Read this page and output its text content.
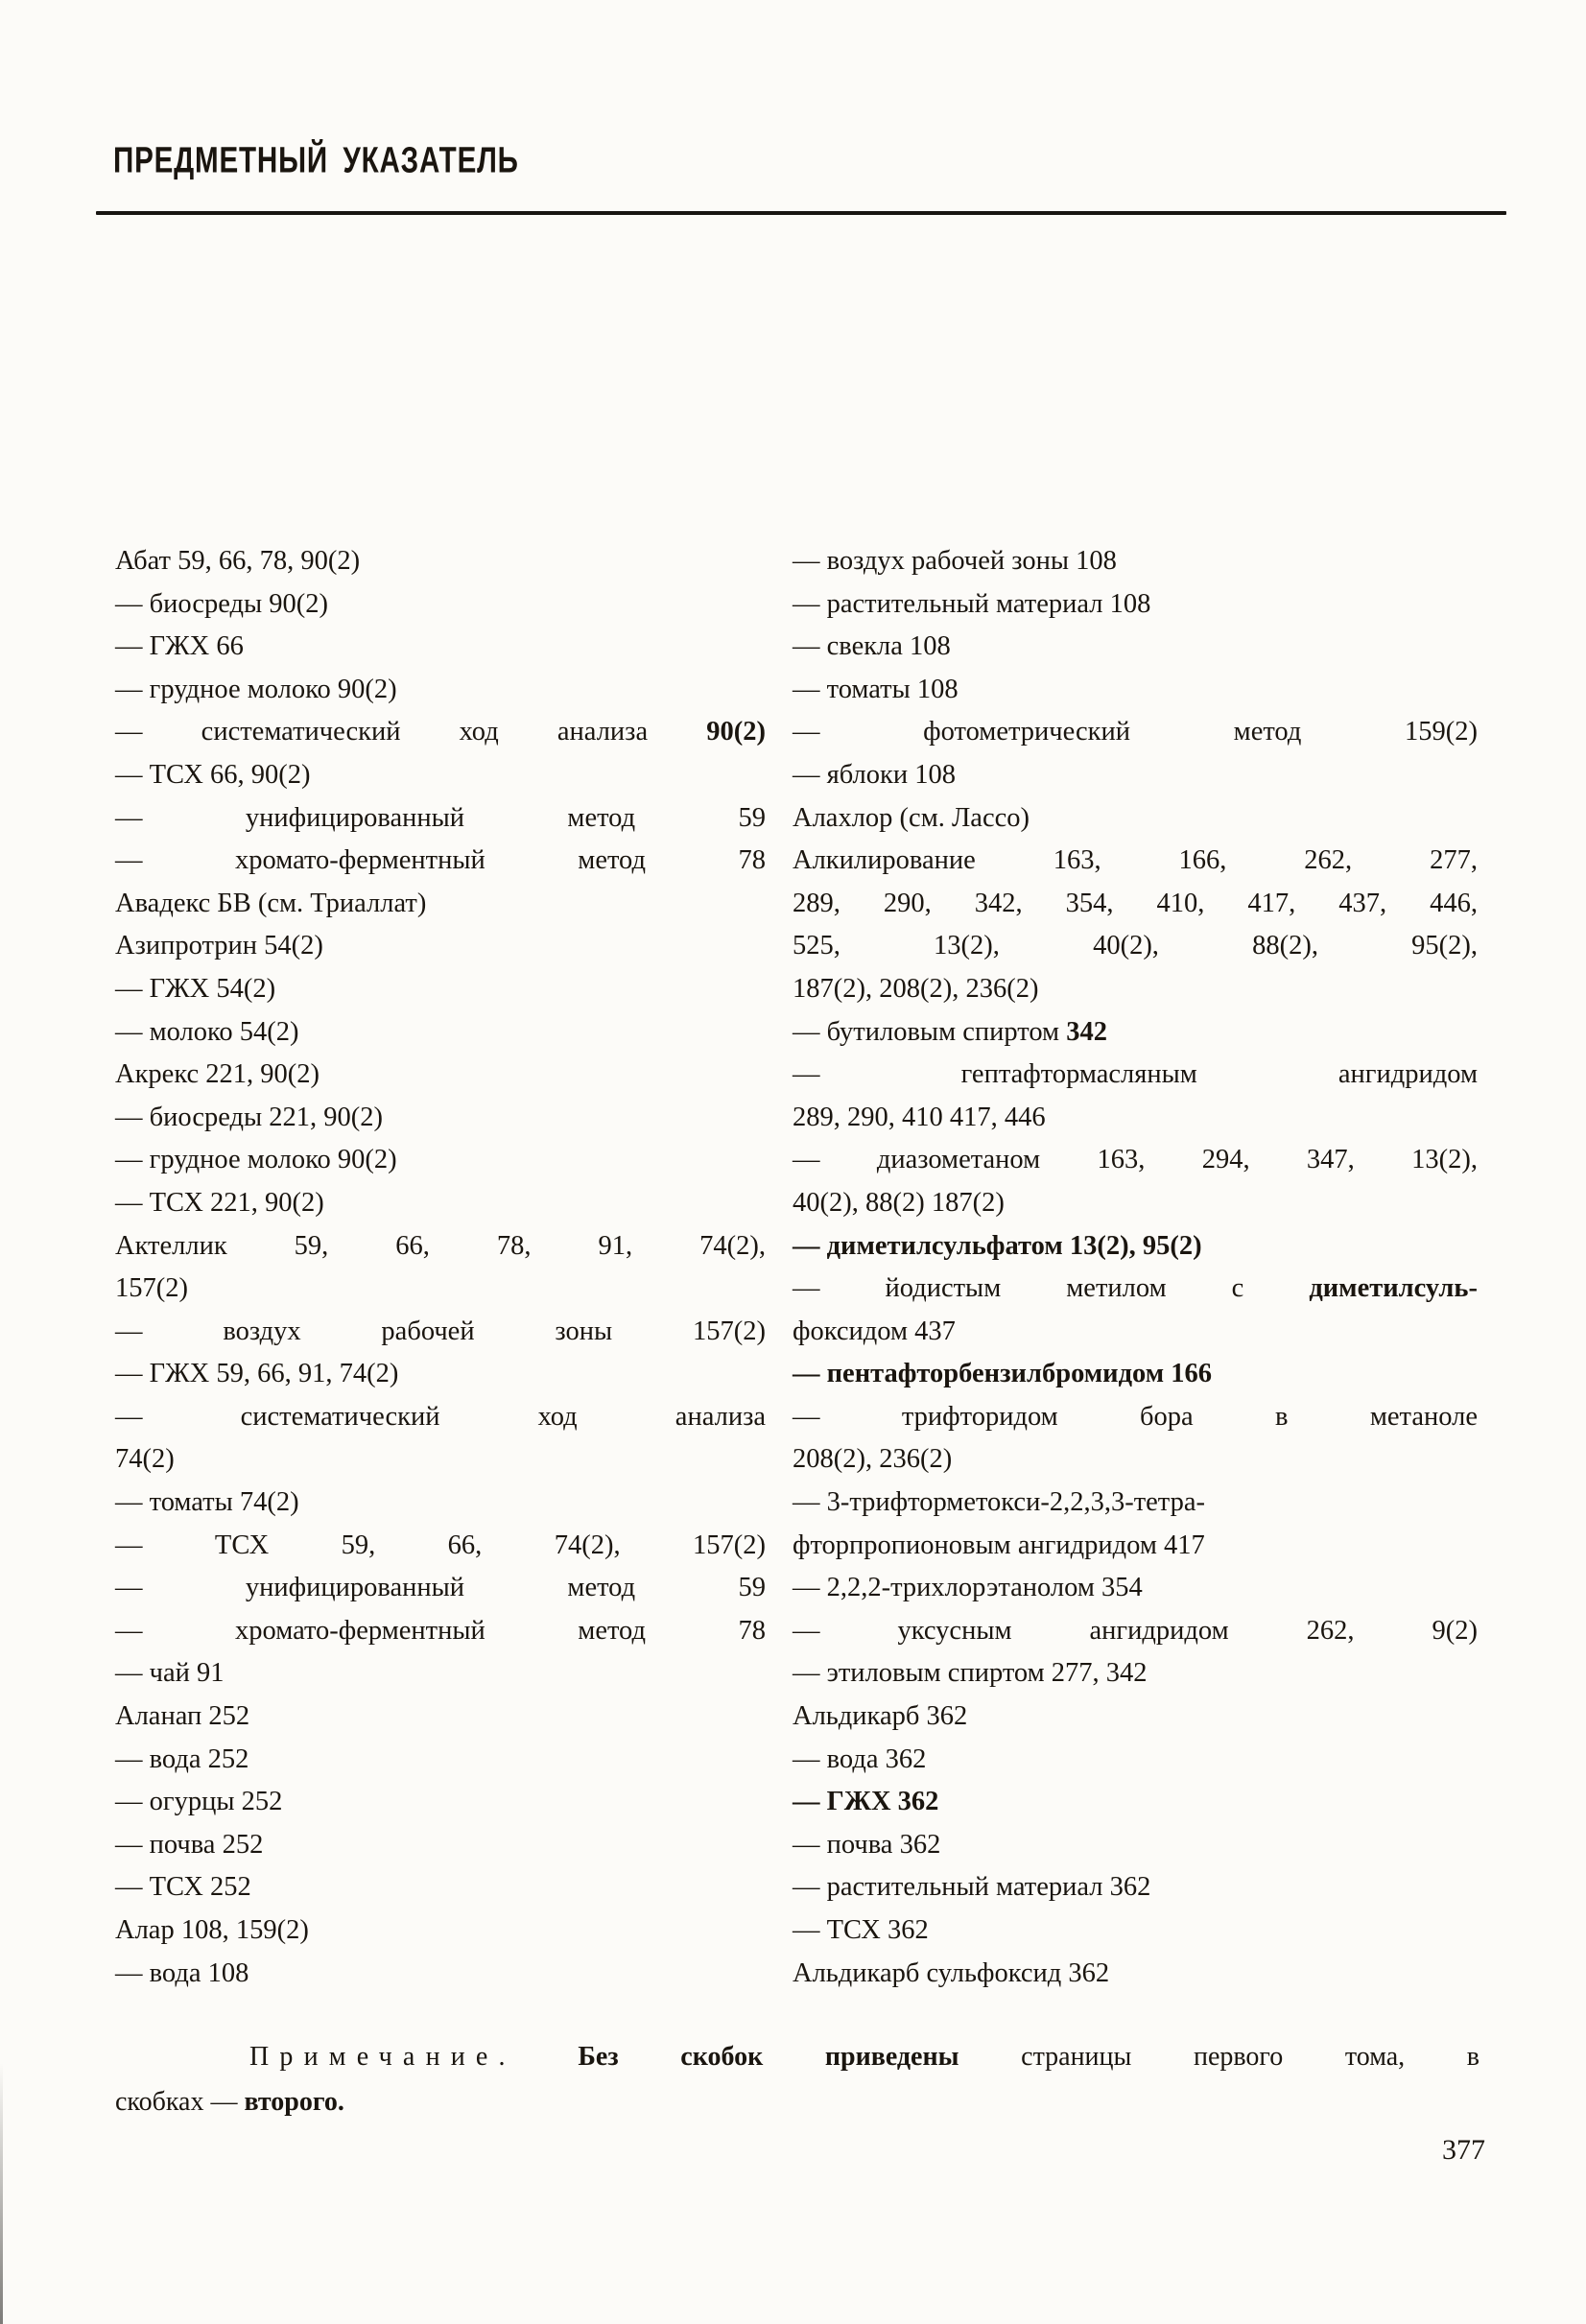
ПРЕДМЕТНЫЙ УКАЗАТЕЛЬ
Абат 59, 66, 78, 90(2)
— биосреды 90(2)
— ГЖХ 66
— грудное молоко 90(2)
— систематический ход анализа 90(2)
— ТСХ 66, 90(2)
— унифицированный метод 59
— хромато-ферментный метод 78
Авадекс БВ (см. Триаллат)
Азипротрин 54(2)
— ГЖХ 54(2)
— молоко 54(2)
Акрекс 221, 90(2)
— биосреды 221, 90(2)
— грудное молоко 90(2)
— ТСХ 221, 90(2)
Актеллик 59, 66, 78, 91, 74(2),
157(2)
— воздух рабочей зоны 157(2)
— ГЖХ 59, 66, 91, 74(2)
— систематический ход анализа
74(2)
— томаты 74(2)
— ТСХ 59, 66, 74(2), 157(2)
— унифицированный метод 59
— хромато-ферментный метод 78
— чай 91
Аланап 252
— вода 252
— огурцы 252
— почва 252
— ТСХ 252
Алар 108, 159(2)
— вода 108
— воздух рабочей зоны 108
— растительный материал 108
— свекла 108
— томаты 108
— фотометрический метод 159(2)
— яблоки 108
Алахлор (см. Лассо)
Алкилирование 163, 166, 262, 277,
289, 290, 342, 354, 410, 417, 437, 446,
525, 13(2), 40(2), 88(2), 95(2),
187(2), 208(2), 236(2)
— бутиловым спиртом 342
— гептафтормасляным ангидридом
289, 290, 410 417, 446
— диазометаном 163, 294, 347, 13(2),
40(2), 88(2) 187(2)
— диметилсульфатом 13(2), 95(2)
— йодистым метилом с диметилсуль-
фоксидом 437
— пентафторбензилбромидом 166
— трифторидом бора в метаноле
208(2), 236(2)
— 3-трифторметокси-2,2,3,3-тетра-
фторпропионовым ангидридом 417
— 2,2,2-трихлорэтанолом 354
— уксусным ангидридом 262, 9(2)
— этиловым спиртом 277, 342
Альдикарб 362
— вода 362
— ГЖХ 362
— почва 362
— растительный материал 362
— ТСХ 362
Альдикарб сульфоксид 362
Примечание. Без скобок приведены страницы первого тома, в
скобках — второго.
377
